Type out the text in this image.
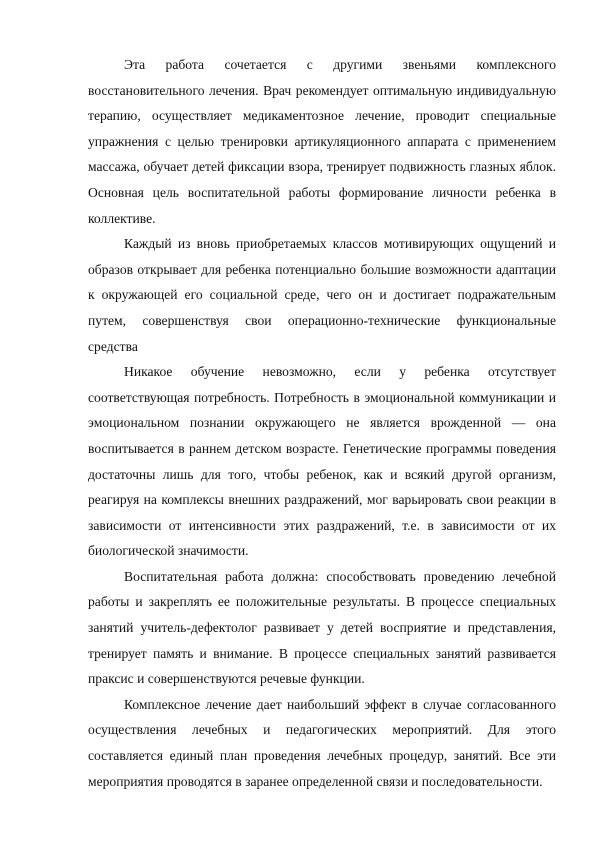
Эта работа сочетается с другими звеньями комплексного восстановительного лечения. Врач рекомендует оптимальную индивидуальную терапию, осуществляет медикаментозное лечение, проводит специальные упражнения с целью тренировки артикуляционного аппарата с применением массажа, обучает детей фиксации взора, тренирует подвижность глазных яблок. Основная цель воспитательной работы формирование личности ребенка в коллективе.

Каждый из вновь приобретаемых классов мотивирующих ощущений и образов открывает для ребенка потенциально большие возможности адаптации к окружающей его социальной среде, чего он и достигает подражательным путем, совершенствуя свои операционно-технические функциональные средства

Никакое обучение невозможно, если у ребенка отсутствует соответствующая потребность. Потребность в эмоциональной коммуникации и эмоциональном познании окружающего не является врожденной — она воспитывается в раннем детском возрасте. Генетические программы поведения достаточны лишь для того, чтобы ребенок, как и всякий другой организм, реагируя на комплексы внешних раздражений, мог варьировать свои реакции в зависимости от интенсивности этих раздражений, т.е. в зависимости от их биологической значимости.

Воспитательная работа должна: способствовать проведению лечебной работы и закреплять ее положительные результаты. В процессе специальных занятий учитель-дефектолог развивает у детей восприятие и представления, тренирует память и внимание. В процессе специальных занятий развивается праксис и совершенствуются речевые функции.

Комплексное лечение дает наибольший эффект в случае согласованного осуществления лечебных и педагогических мероприятий. Для этого составляется единый план проведения лечебных процедур, занятий. Все эти мероприятия проводятся в заранее определенной связи и последовательности.
